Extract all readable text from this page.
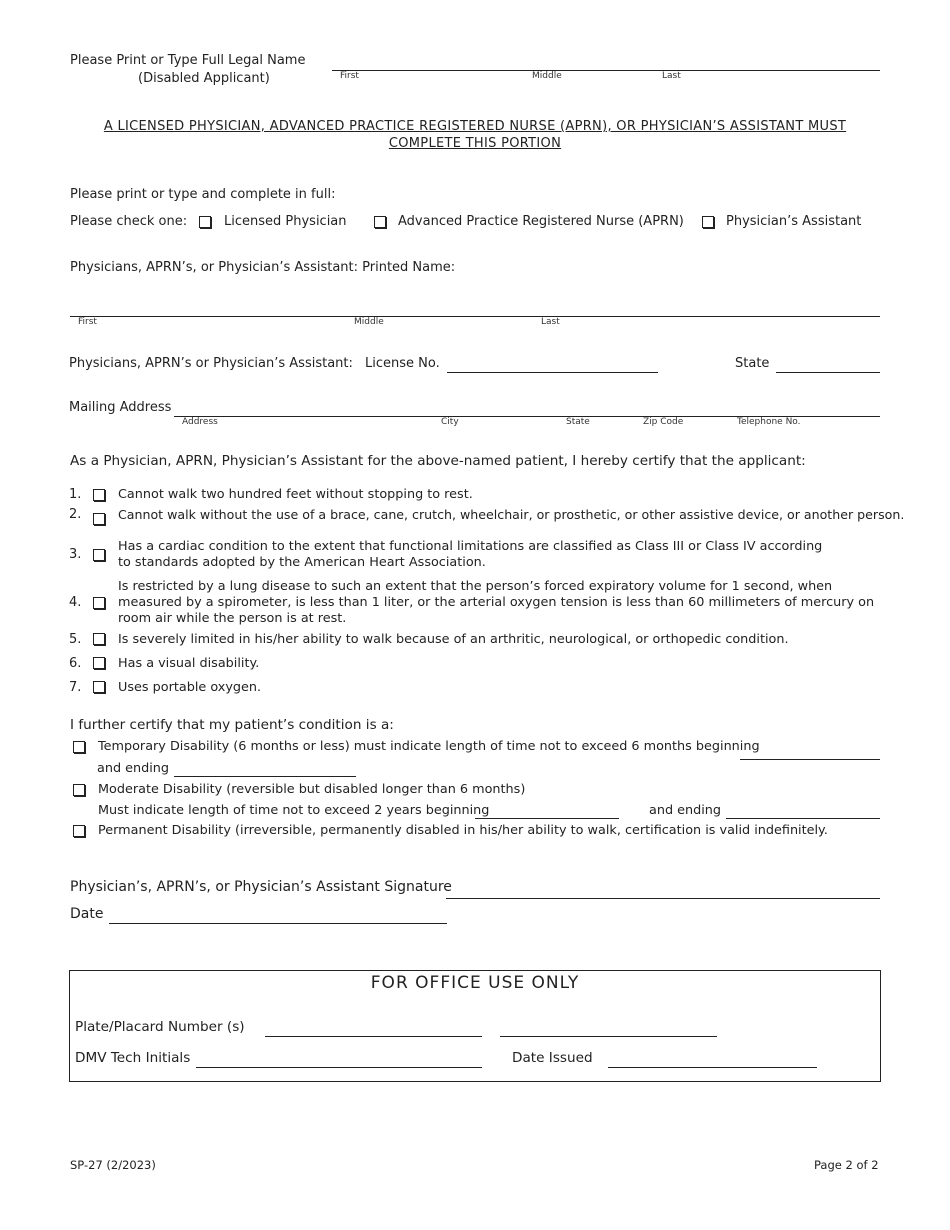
Please Print or Type Full Legal Name
(Disabled Applicant)	First	Middle	Last
A LICENSED PHYSICIAN, ADVANCED PRACTICE REGISTERED NURSE (APRN), OR PHYSICIAN’S ASSISTANT MUST
COMPLETE THIS PORTION
Please print or type and complete in full:
Please check one:	Licensed Physician	Advanced Practice Registered Nurse (APRN)	Physician’s Assistant
Physicians, APRN’s, or Physician’s Assistant: Printed Name:
First	Middle	Last
Physicians, APRN’s or Physician’s Assistant: License No.	State
Mailing Address
Address	City	State	Zip Code	Telephone No.
As a Physician, APRN, Physician’s Assistant for the above-named patient, I hereby certify that the applicant:
1.	Cannot walk two hundred feet without stopping to rest.
2.	Cannot walk without the use of a brace, cane, crutch, wheelchair, or prosthetic, or other assistive device, or another person.
3.
Has a cardiac condition to the extent that functional limitations are classified as Class III or Class IV according to standards adopted by the American Heart Association.
4.
Is restricted by a lung disease to such an extent that the person’s forced expiratory volume for 1 second, when measured by a spirometer, is less than 1 liter, or the arterial oxygen tension is less than 60 millimeters of mercury on room air while the person is at rest.
5.	Is severely limited in his/her ability to walk because of an arthritic, neurological, or orthopedic condition.
6.	Has a visual disability.
7.	Uses portable oxygen.
I further certify that my patient’s condition is a:
Temporary Disability (6 months or less) must indicate length of time not to exceed 6 months beginning
and ending
Moderate Disability (reversible but disabled longer than 6 months)
Must indicate length of time not to exceed 2 years beginning	and ending
Permanent Disability (irreversible, permanently disabled in his/her ability to walk, certification is valid indefinitely.
Physician’s, APRN’s, or Physician’s Assistant Signature
Date
FOR OFFICE USE ONLY
Plate/Placard Number (s)
DMV Tech Initials	Date Issued
SP-27 (2/2023)	Page 2 of 2
